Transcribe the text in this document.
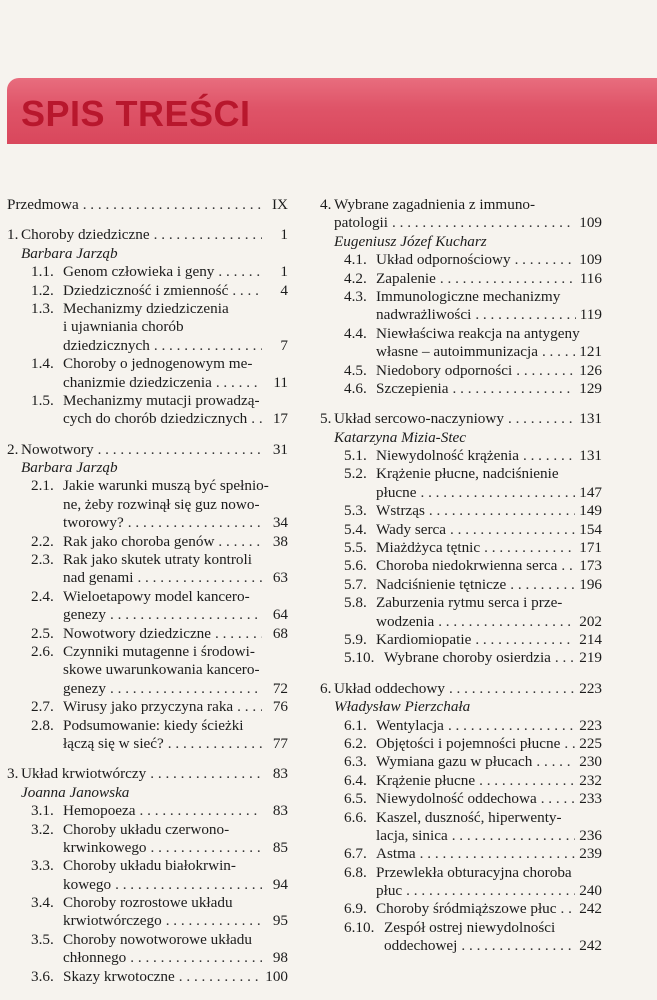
SPIS TREŚCI
Przedmowa . . .	IX
1. Choroby dziedziczne . . .	1
Barbara Jarząb
1.1. Genom człowieka i geny . . .	1
1.2. Dziedziczność i zmienność . . .	4
1.3. Mechanizmy dziedziczenia
i ujawniania chorób
dziedzicznych . . .	7
1.4. Choroby o jednogenowym me-
chanizmie dziedziczenia . . .	11
1.5. Mechanizmy mutacji prowadzą-
cych do chorób dziedzicznych . . .	17
2. Nowotwory . . .	31
Barbara Jarząb
2.1. Jakie warunki muszą być spełnio-
ne, żeby rozwinął się guz nowo-
tworowy? . . .	34
2.2. Rak jako choroba genów . . .	38
2.3. Rak jako skutek utraty kontroli
nad genami . . .	63
2.4. Wieloetapowy model kancero-
genezy . . .	64
2.5. Nowotwory dziedziczne . . .	68
2.6. Czynniki mutagenne i środowi-
skowe uwarunkowania kancero-
genezy . . .	72
2.7. Wirusy jako przyczyna raka . . .	76
2.8. Podsumowanie: kiedy ścieżki
łączą się w sieć? . . .	77
3. Układ krwiotwórczy . . .	83
Joanna Janowska
3.1. Hemopoeza . . .	83
3.2. Choroby układu czerwono-
krwinkowego . . .	85
3.3. Choroby układu białokrwin-
kowego . . .	94
3.4. Choroby rozrostowe układu
krwiotwórczego . . .	95
3.5. Choroby nowotworowe układu
chłonnego . . .	98
3.6. Skazy krwotoczne . . .	100
4. Wybrane zagadnienia z immuno-
patologii . . .	109
Eugeniusz Józef Kucharz
4.1. Układ odpornościowy . . .	109
4.2. Zapalenie . . .	116
4.3. Immunologiczne mechanizmy
nadwrażliwości . . .	119
4.4. Niewłaściwa reakcja na antygeny
własne – autoimmunizacja . . .	121
4.5. Niedobory odporności . . .	126
4.6. Szczepienia . . .	129
5. Układ sercowo-naczyniowy . . .	131
Katarzyna Mizia-Stec
5.1. Niewydolność krążenia . . .	131
5.2. Krążenie płucne, nadciśnienie
płucne . . .	147
5.3. Wstrząs . . .	149
5.4. Wady serca . . .	154
5.5. Miażdżyca tętnic . . .	171
5.6. Choroba niedokrwienna serca . . . 173
5.7. Nadciśnienie tętnicze . . .	196
5.8. Zaburzenia rytmu serca i prze-
wodzenia . . .	202
5.9. Kardiomiopatie . . .	214
5.10. Wybrane choroby osierdzia . . . 219
6. Układ oddechowy . . .	223
Władysław Pierzchała
6.1. Wentylacja . . .	223
6.2. Objętości i pojemności płucne . . . 225
6.3. Wymiana gazu w płucach . . .	230
6.4. Krążenie płucne . . .	232
6.5. Niewydolność oddechowa . . .	233
6.6. Kaszel, duszność, hiperwenty-
lacja, sinica . . .	236
6.7. Astma . . .	239
6.8. Przewlekła obturacyjna choroba
płuc . . .	240
6.9. Choroby śródmiąższowe płuc . . . 242
6.10. Zespół ostrej niewydolności
oddechowej . . .	242
